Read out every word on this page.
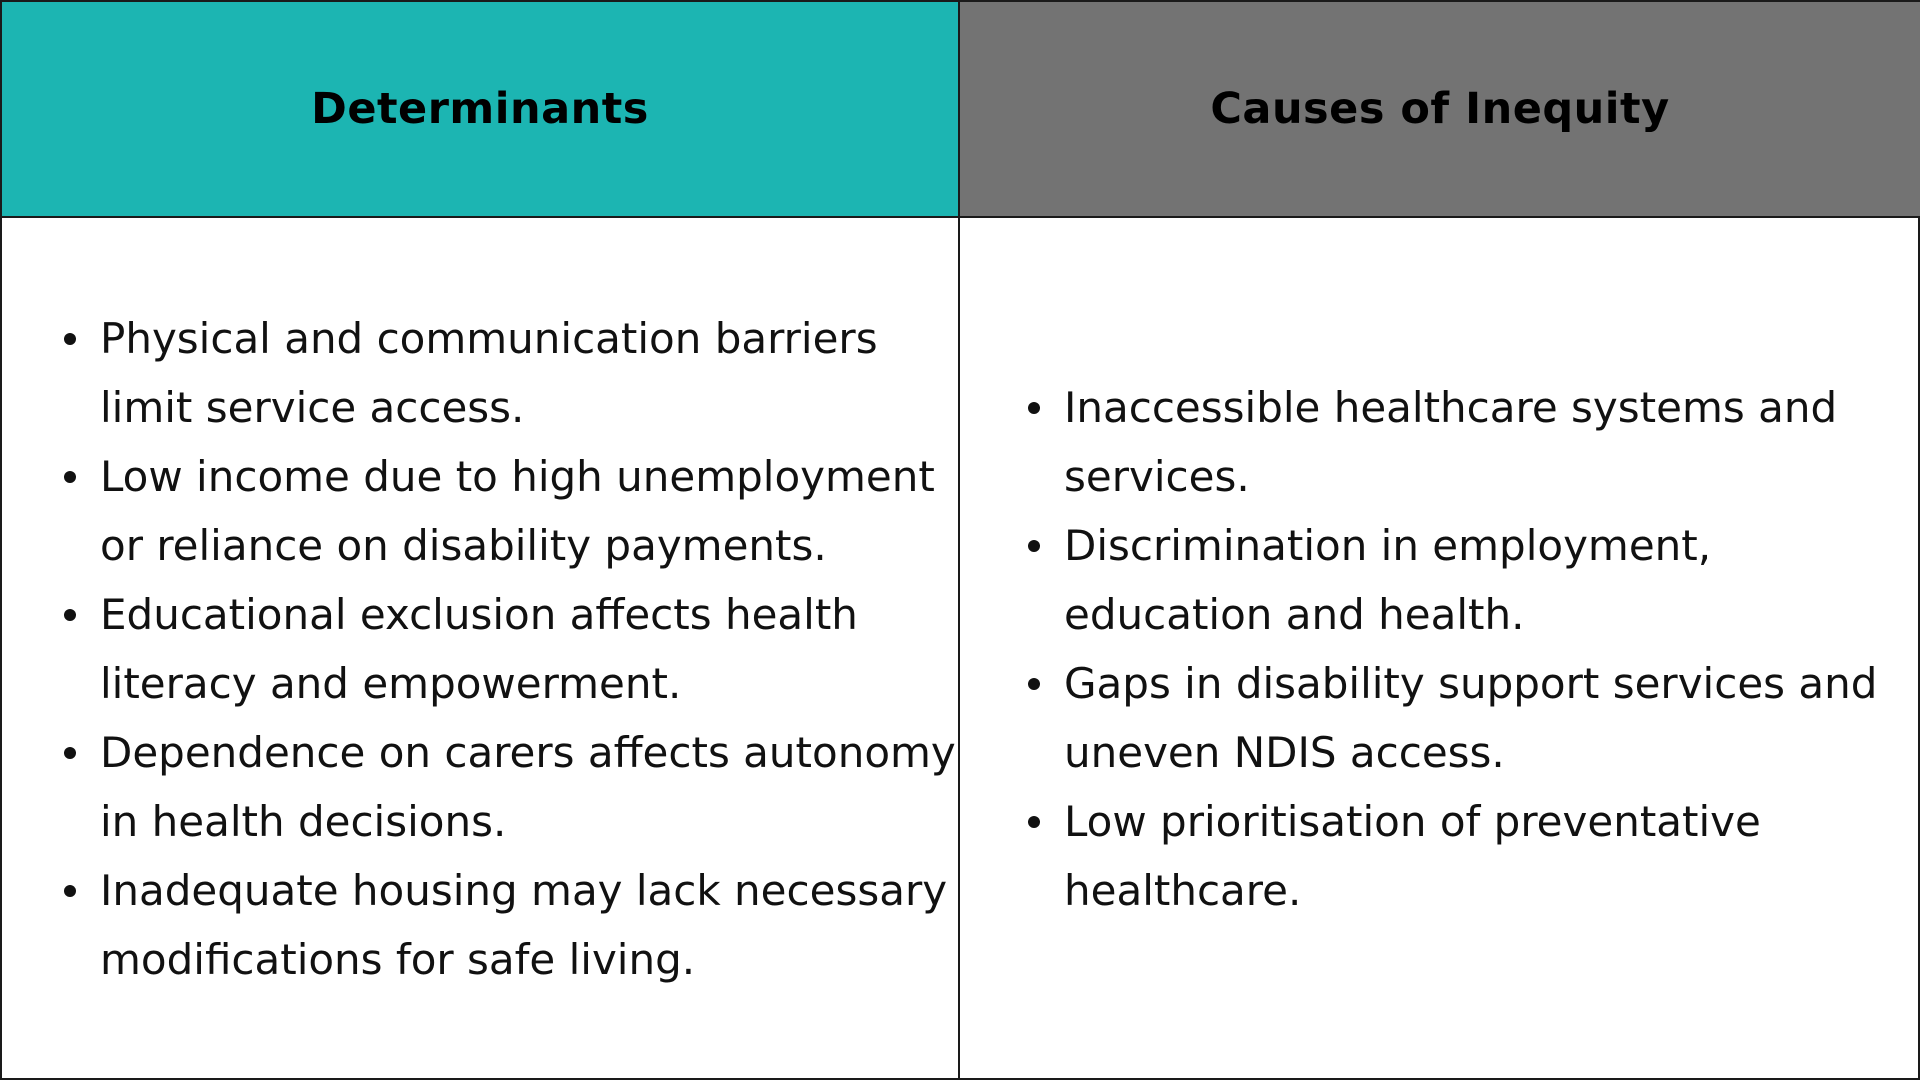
Determinants	Causes of Inequity
Physical and communication barriers limit service access.
Low income due to high unemployment or reliance on disability payments.
Educational exclusion affects health literacy and empowerment.
Dependence on carers affects autonomy in health decisions.
Inadequate housing may lack necessary modifications for safe living.
Inaccessible healthcare systems and services.
Discrimination in employment, education and health.
Gaps in disability support services and uneven NDIS access.
Low prioritisation of preventative healthcare.
